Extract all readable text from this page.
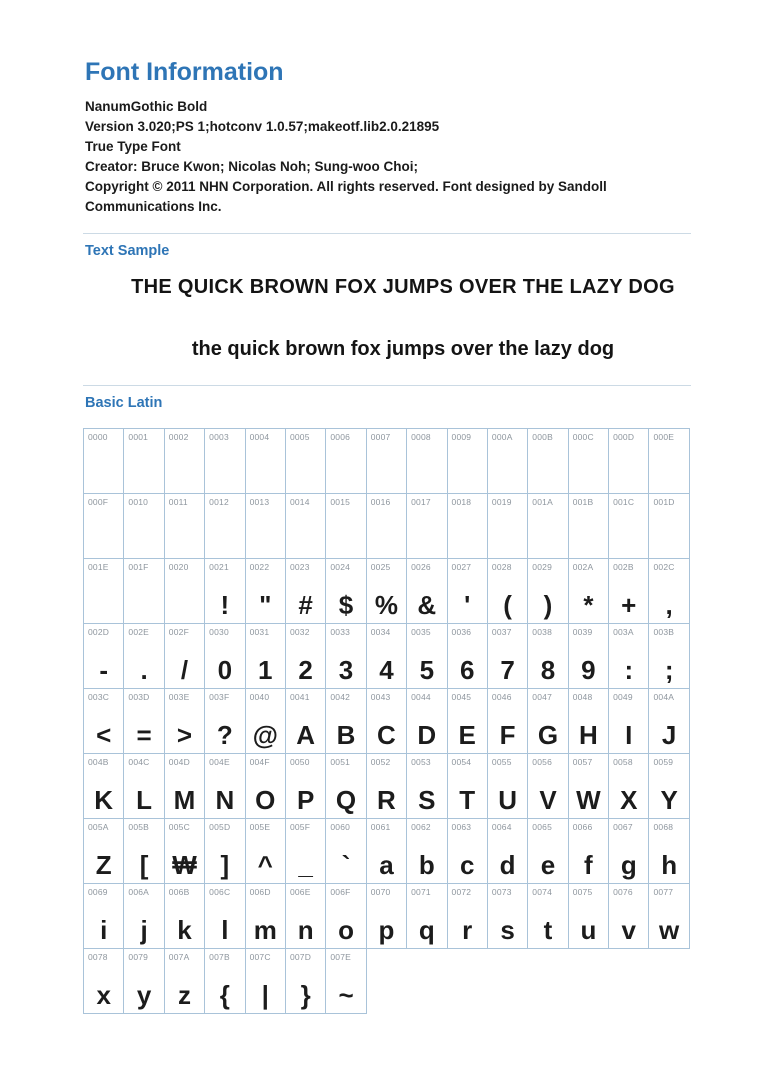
Font Information

NanumGothic Bold

Version 3.020;PS 1;hotconv 1.0.57;makeotf.lib2.0.21895

True Type Font

Creator: Bruce Kwon; Nicolas Noh; Sung-woo Choi;

Copyright © 2011 NHN Corporation. All rights reserved. Font designed by Sandoll Communications Inc.

Text Sample
THE QUICK BROWN FOX JUMPS OVER THE LAZY DOG
the quick brown fox jumps over the lazy dog
Basic Latin
0000 0001 0002 0003 0004 0005 0006 0007 0008 0009 000A 000B 000C 000D 000E
000F 0010 0011	0012 0013 0014 0015 0016 0017 0018 0019 001A 001B 001C 001D
001E 001F 0020 0021
!
0022
"
0023
#
0024
$
0025
%
0026
&
0027
'
0028
(
0029
)
002A
*
002B
+
002C
,
002D
-
002E
.
002F
/
0030
0
0031
1
0032
2
0033
3
0034
4
0035
5
0036
6
0037
7
0038
8
0039
9
003A
:
003B
;
003C
<
003D
=
003E
>
003F
?
0040
@
0041
A
0042
B
0043
C
0044
D
0045
E
0046
F
0047
G
0048
H
0049
I
004A
J
004B
K
004C
L
004D
M
004E
N
004F
O
0050
P
0051
Q
0052
R
0053
S
0054
T
0055
U
0056
V
0057
W
0058
X
0059
Y
005A
Z
005B
[
005C
₩
005D
]
005E
^
005F
_
0060
`
0061
a
0062
b
0063
c
0064
d
0065
e
0066
f
0067
g
0068
h
0069
i
006A
j
006B
k
006C
l
006D
m
006E
n
006F
o
0070
p
0071
q
0072
r
0073
s
0074
t
0075
u
0076
v
0077
w
0078
x
0079
y
007A
z
007B
{
007C
|
007D
}
007E
~
